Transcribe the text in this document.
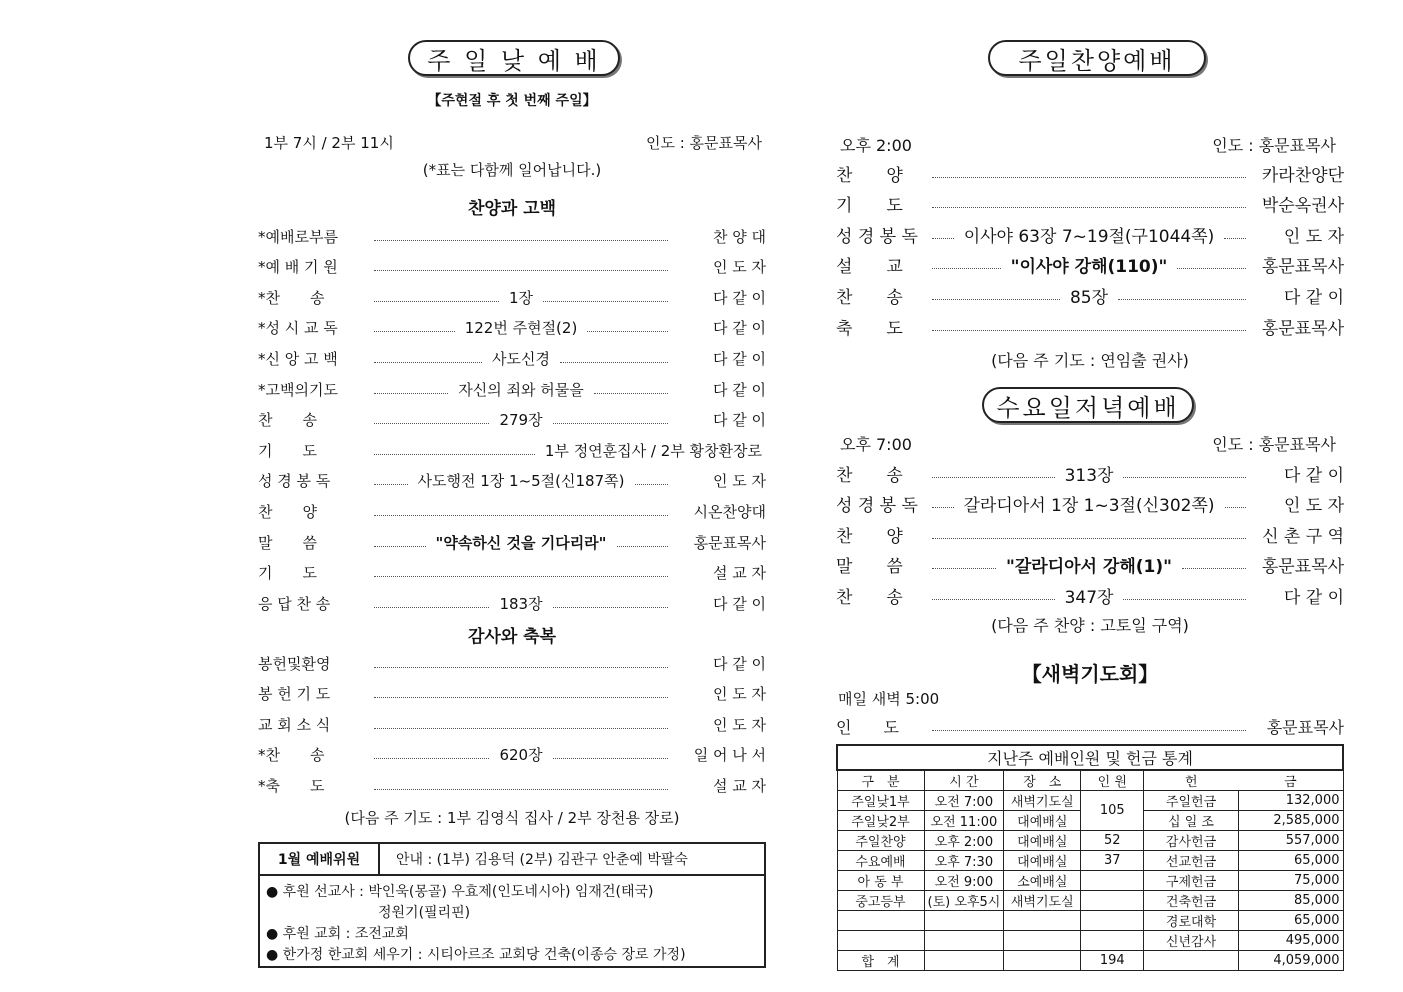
주 일 낮 예 배
【주현절 후 첫 번째 주일】
1부 7시 / 2부 11시	인도 : 홍문표목사
(*표는 다함께 일어납니다.)
찬양과 고백
*예배로부름	찬 양 대
*예 배 기 원	인 도 자
*찬　　송	1장	다 같 이
*성 시 교 독	122번 주현절(2)	다 같 이
*신 앙 고 백	사도신경	다 같 이
*고백의기도	자신의 죄와 허물을	다 같 이
찬　　송	279장	다 같 이
기　　도	1부 정연훈집사 / 2부 황창환장로
성 경 봉 독	사도행전 1장 1~5절(신187쪽)	인 도 자
찬　　양	시온찬양대
말　　씀	"약속하신 것을 기다리라"	홍문표목사
기　　도	설 교 자
응 답 찬 송	183장	다 같 이
감사와 축복
봉헌및환영	다 같 이
봉 헌 기 도	인 도 자
교 회 소 식	인 도 자
*찬　　송	620장	일 어 나 서
*축　　도	설 교 자
(다음 주 기도 : 1부 김영식 집사 / 2부 장천용 장로)
1월 예배위원	안내 : (1부) 김용덕 (2부) 김관구 안춘예 박팔숙
● 후원 선교사 : 박인욱(몽골) 우효제(인도네시아) 임재건(태국)
　　　　　　　　정원기(필리핀)
● 후원 교회 : 조전교회
● 한가정 한교회 세우기 : 시티아르조 교회당 건축(이종승 장로 가정)
주일찬양예배
오후 2:00	인도 : 홍문표목사
찬　　양	카라찬양단
기　　도	박순옥권사
성 경 봉 독	이사야 63장 7~19절(구1044쪽)	인 도 자
설　　교	"이사야 강해(110)"	홍문표목사
찬　　송	85장	다 같 이
축　　도	홍문표목사
(다음 주 기도 : 연임출 권사)
수요일저녁예배
오후 7:00	인도 : 홍문표목사
찬　　송	313장	다 같 이
성 경 봉 독	갈라디아서 1장 1~3절(신302쪽)	인 도 자
찬　　양	신 촌 구 역
말　　씀	"갈라디아서 강해(1)"	홍문표목사
찬　　송	347장	다 같 이
(다음 주 찬양 : 고토일 구역)
【새벽기도회】
매일 새벽 5:00
인　　도	홍문표목사
지난주 예배인원 및 헌금 통계					
구　분	시 간	장　소	인 원	헌	금
주일낮1부	오전 7:00	새벽기도실	105	주일헌금	132,000
주일낮2부	오전 11:00	대예배실		십 일 조	2,585,000
주일찬양	오후 2:00	대예배실	52	감사헌금	557,000
수요예배	오후 7:30	대예배실	37	선교헌금	65,000
아 동 부	오전 9:00	소예배실		구제헌금	75,000
중고등부	(토) 오후5시	새벽기도실		건축헌금	85,000
				경로대학	65,000
				신년감사	495,000
합　계			194		4,059,000
